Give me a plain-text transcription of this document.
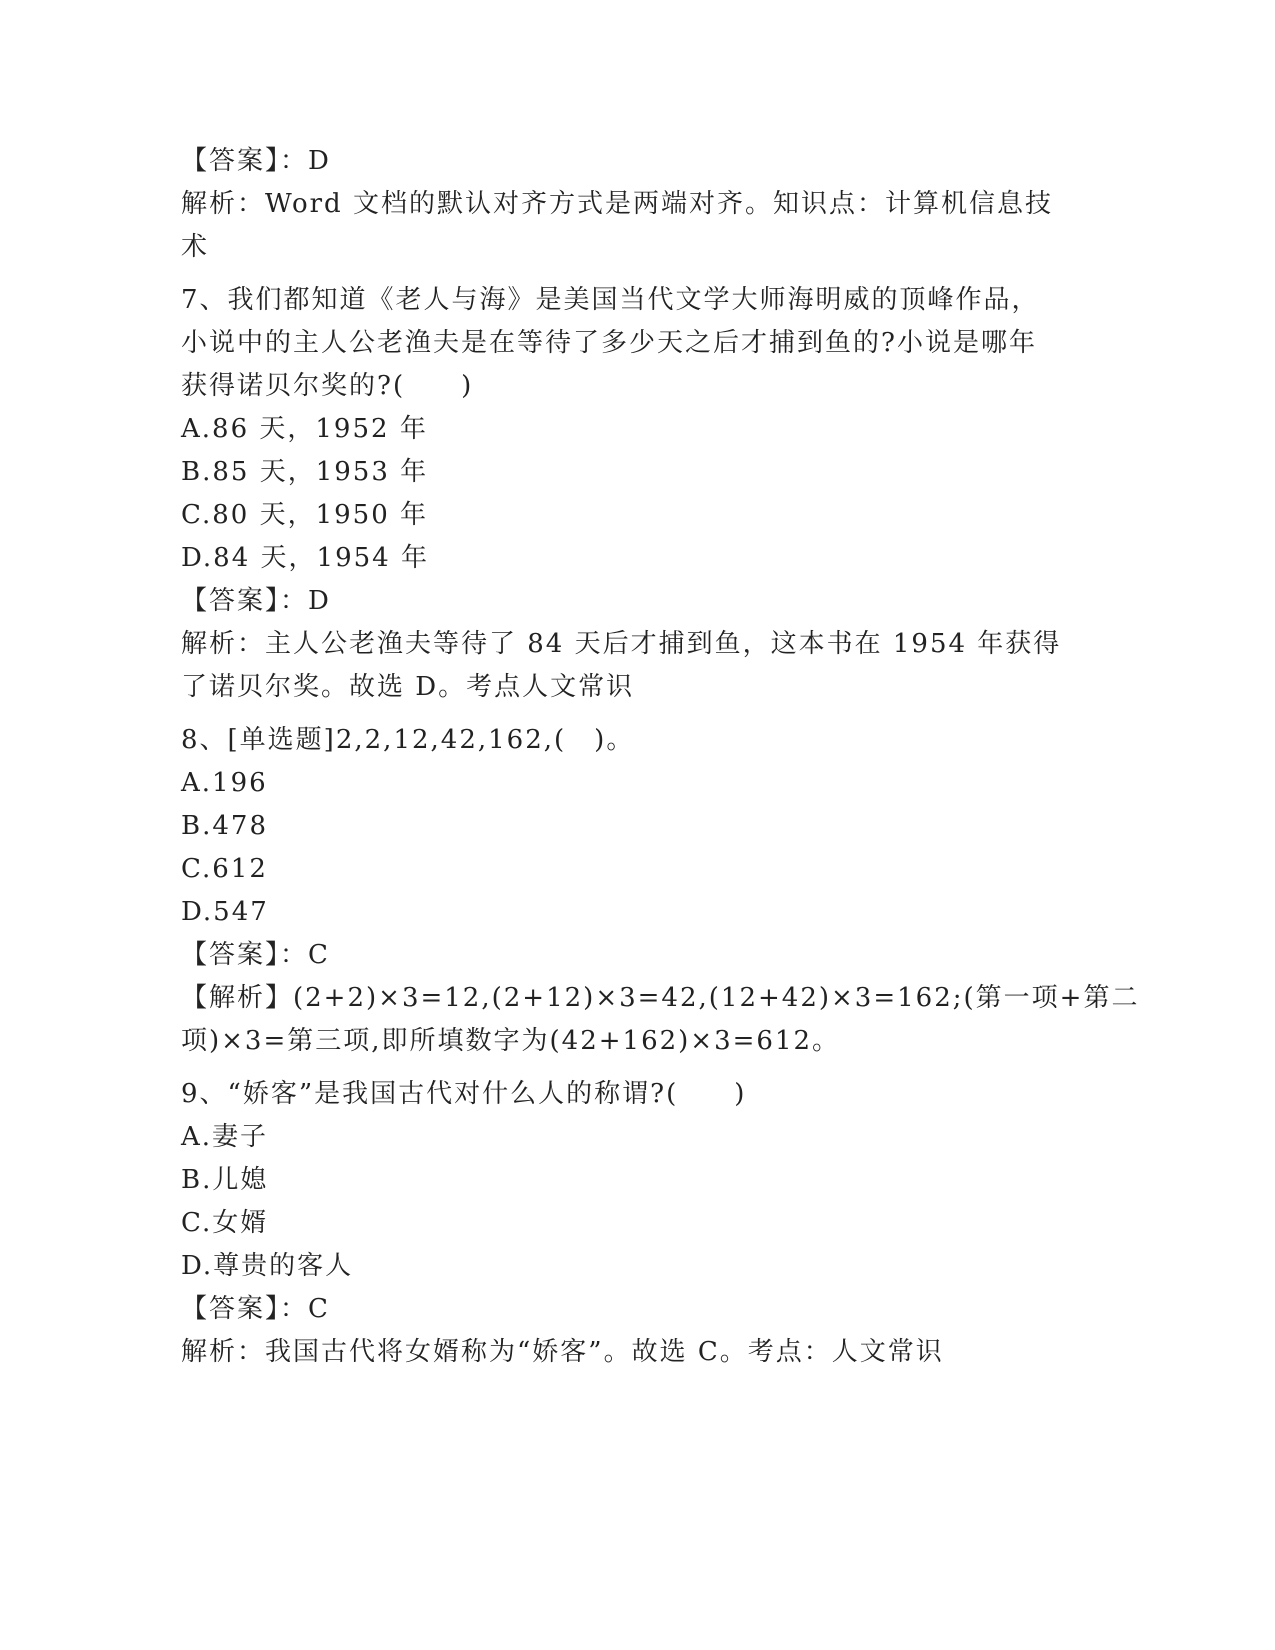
【答案】：D
解析：Word 文档的默认对齐方式是两端对齐。知识点：计算机信息技
术
7、我们都知道《老人与海》是美国当代文学大师海明威的顶峰作品，
小说中的主人公老渔夫是在等待了多少天之后才捕到鱼的?小说是哪年
获得诺贝尔奖的?(　　)
A.86 天，1952 年
B.85 天，1953 年
C.80 天，1950 年
D.84 天，1954 年
【答案】：D
解析：主人公老渔夫等待了 84 天后才捕到鱼，这本书在 1954 年获得
了诺贝尔奖。故选 D。考点人文常识
8、[单选题]2,2,12,42,162,(　)。
A.196
B.478
C.612
D.547
【答案】：C
【解析】(2+2)×3=12,(2+12)×3=42,(12+42)×3=162;(第一项+第二
项)×3=第三项,即所填数字为(42+162)×3=612。
9、“娇客”是我国古代对什么人的称谓?(　　)
A.妻子
B.儿媳
C.女婿
D.尊贵的客人
【答案】：C
解析：我国古代将女婿称为“娇客”。故选 C。考点：人文常识
